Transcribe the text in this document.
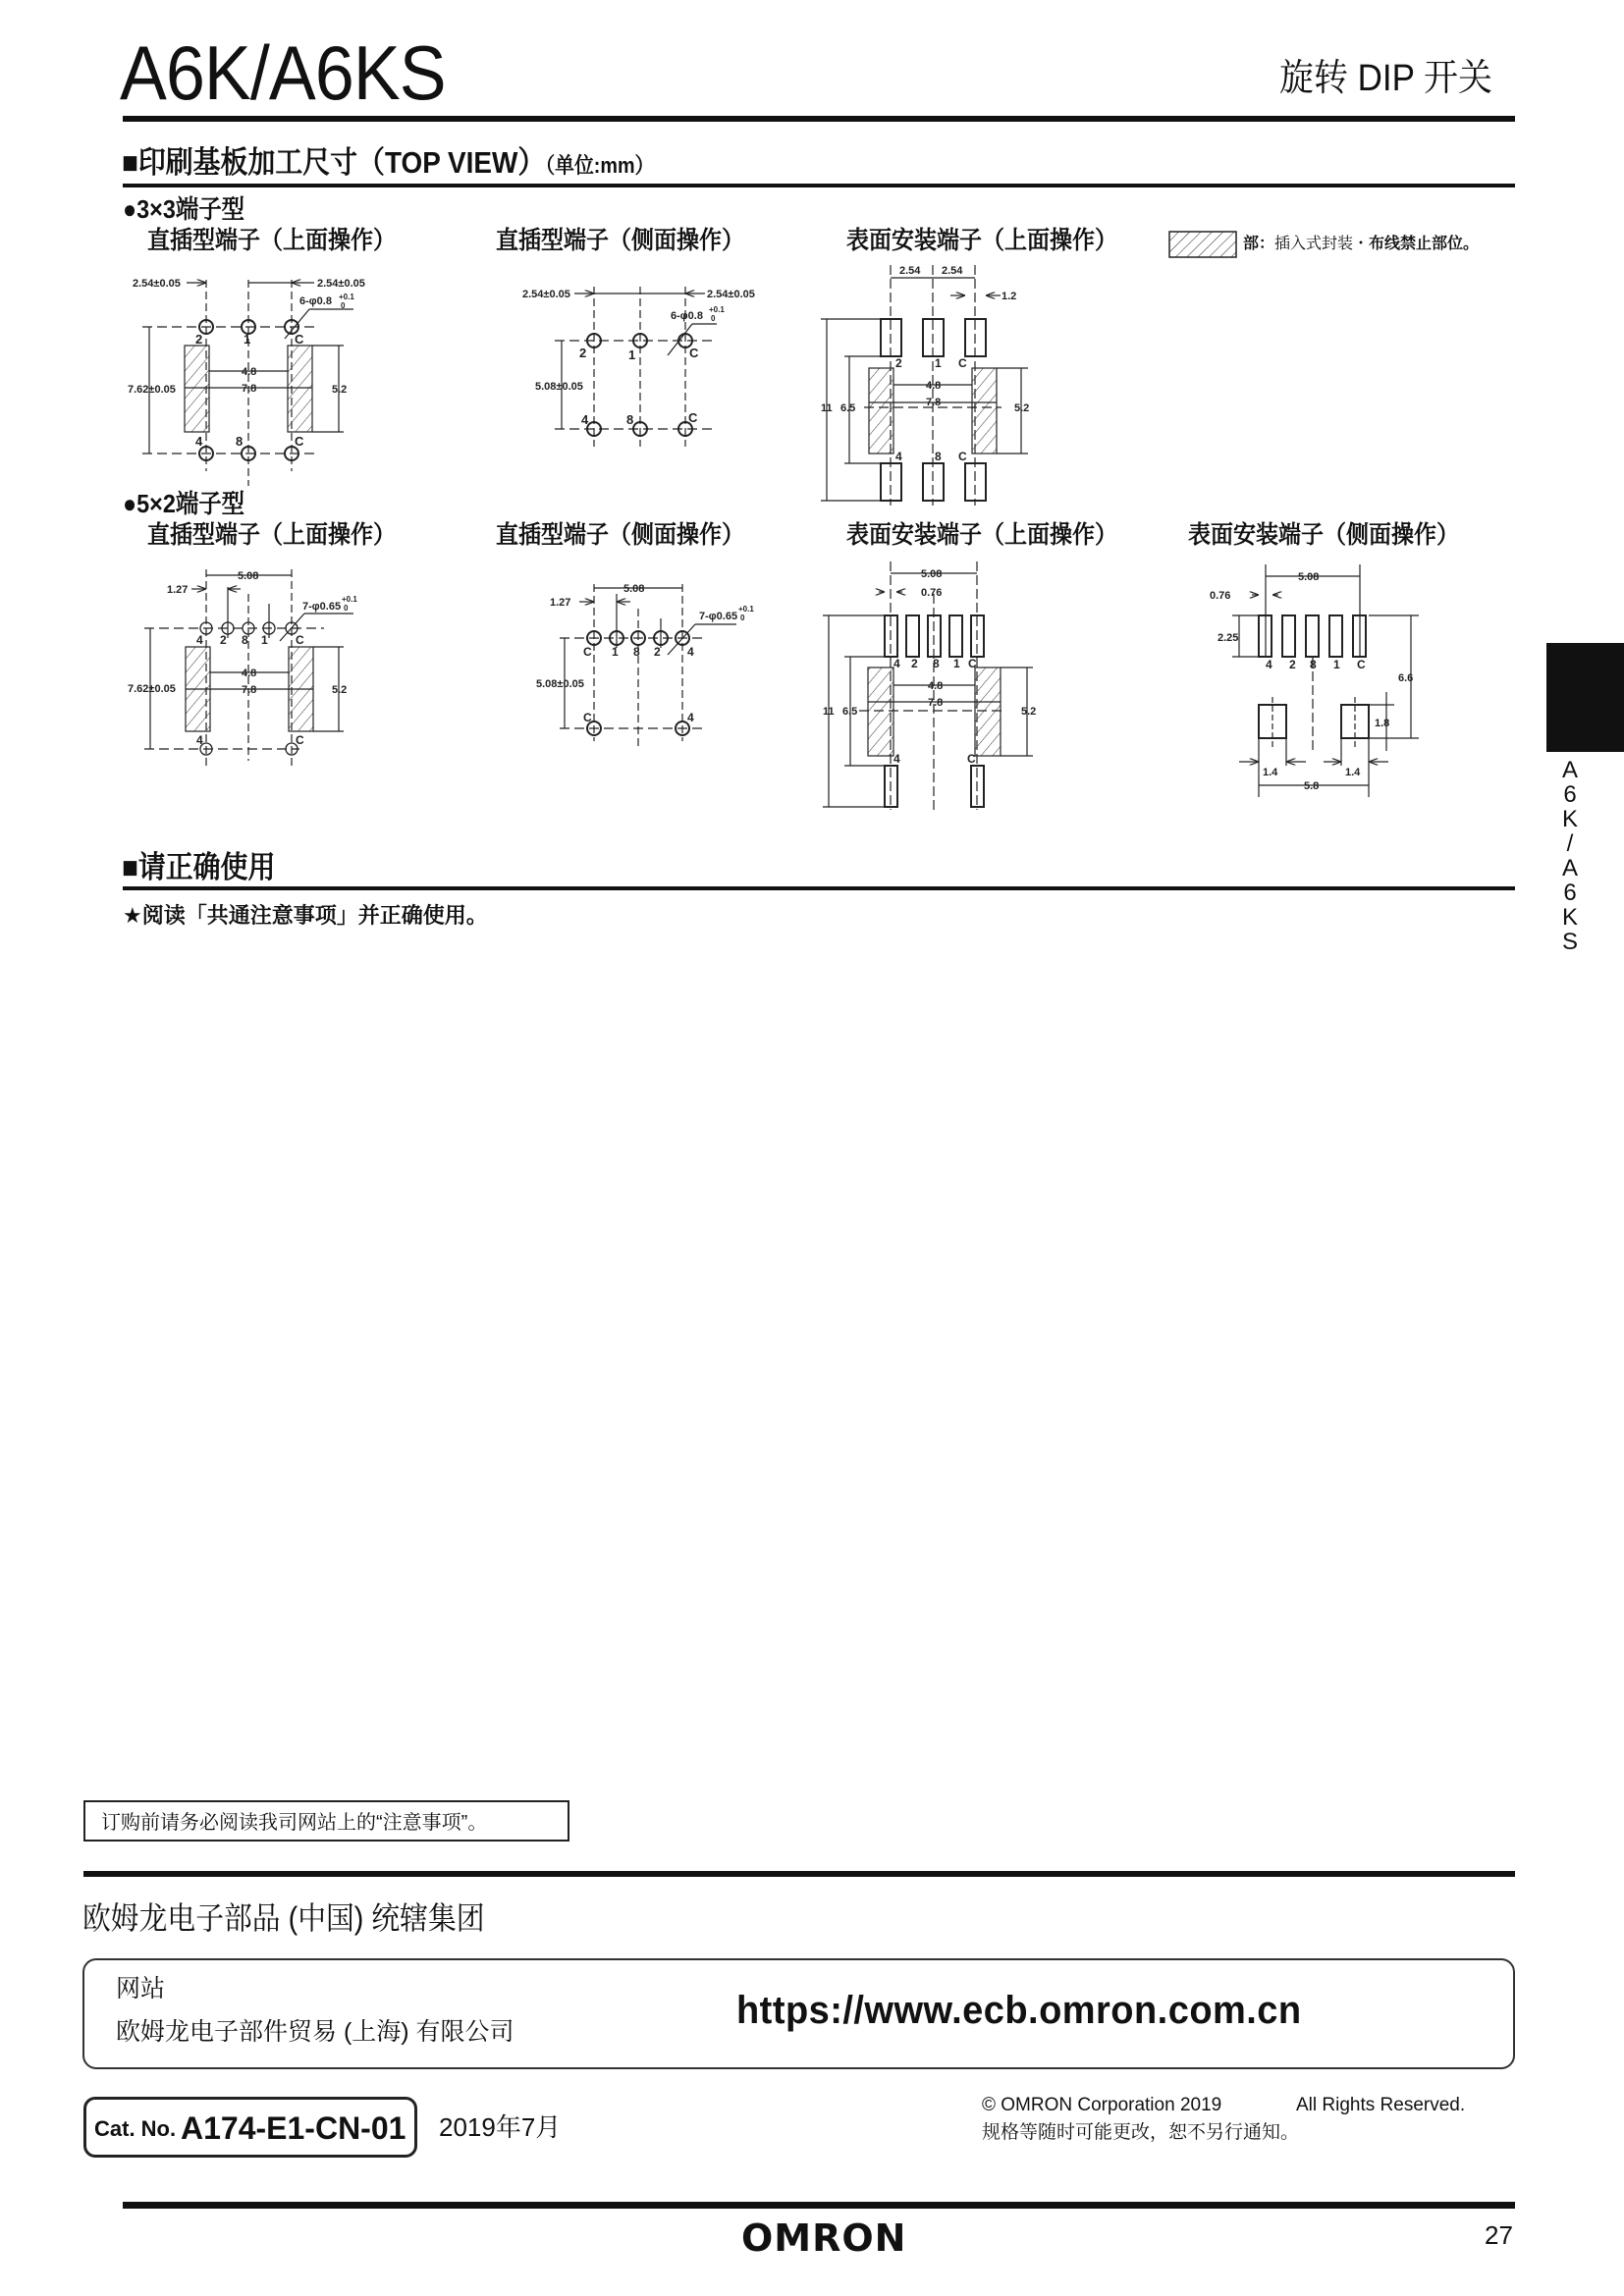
A6K/A6KS	旋转 DIP 开关
■印刷基板加工尺寸（TOP VIEW）（单位:mm）
●3×3端子型
直插型端子（上面操作）	直插型端子（侧面操作）	表面安装端子（上面操作）	部：插入式封装・布线禁止部位。
2.54±0.05	2.54±0.05
6-φ0.8 +0.1
0
7.62±0.05
4.8
7.8	5.2
2	1	C
4	8	C
2.54±0.05	2.54±0.05
6-φ0.8
+0.1
0
5.08±0.05
2	1	C
4	8	C
2.54 2.54
1.2
11 6.5
4.8
7.8	5.2
2	1 C
4	8 C
5.08
1.27
7-φ0.65
+0.1
0
7.62±0.05
4.8
7.8	5.2
4 2 8 1 C
4	C
5.08
1.27
7-φ0.65
+0.1
0
5.08±0.05
C 1 8 2 4
C	4
5.08
0.76
11 6.5
4.8
7.8
5.2
4 2 8 1 C
4	C
5.08
0.76
2.25
6.6
1.8
1.4	1.4
5.8
4 2 8 1 C
●5×2端子型
直插型端子（上面操作）	直插型端子（侧面操作）	表面安装端子（上面操作）	表面安装端子（侧面操作）
■请正确使用
★阅读「共通注意事项」并正确使用。
A
6
K
/
A
6
K
S
订购前请务必阅读我司网站上的“注意事项”。
欧姆龙电子部品 (中国) 统辖集团
网站
欧姆龙电子部件贸易 (上海) 有限公司	https://www.ecb.omron.com.cn
Cat. No. A174-E1-CN-01 2019年7月
© OMRON Corporation 2019	All Rights Reserved.
规格等随时可能更改，恕不另行通知。
OMRON	27
